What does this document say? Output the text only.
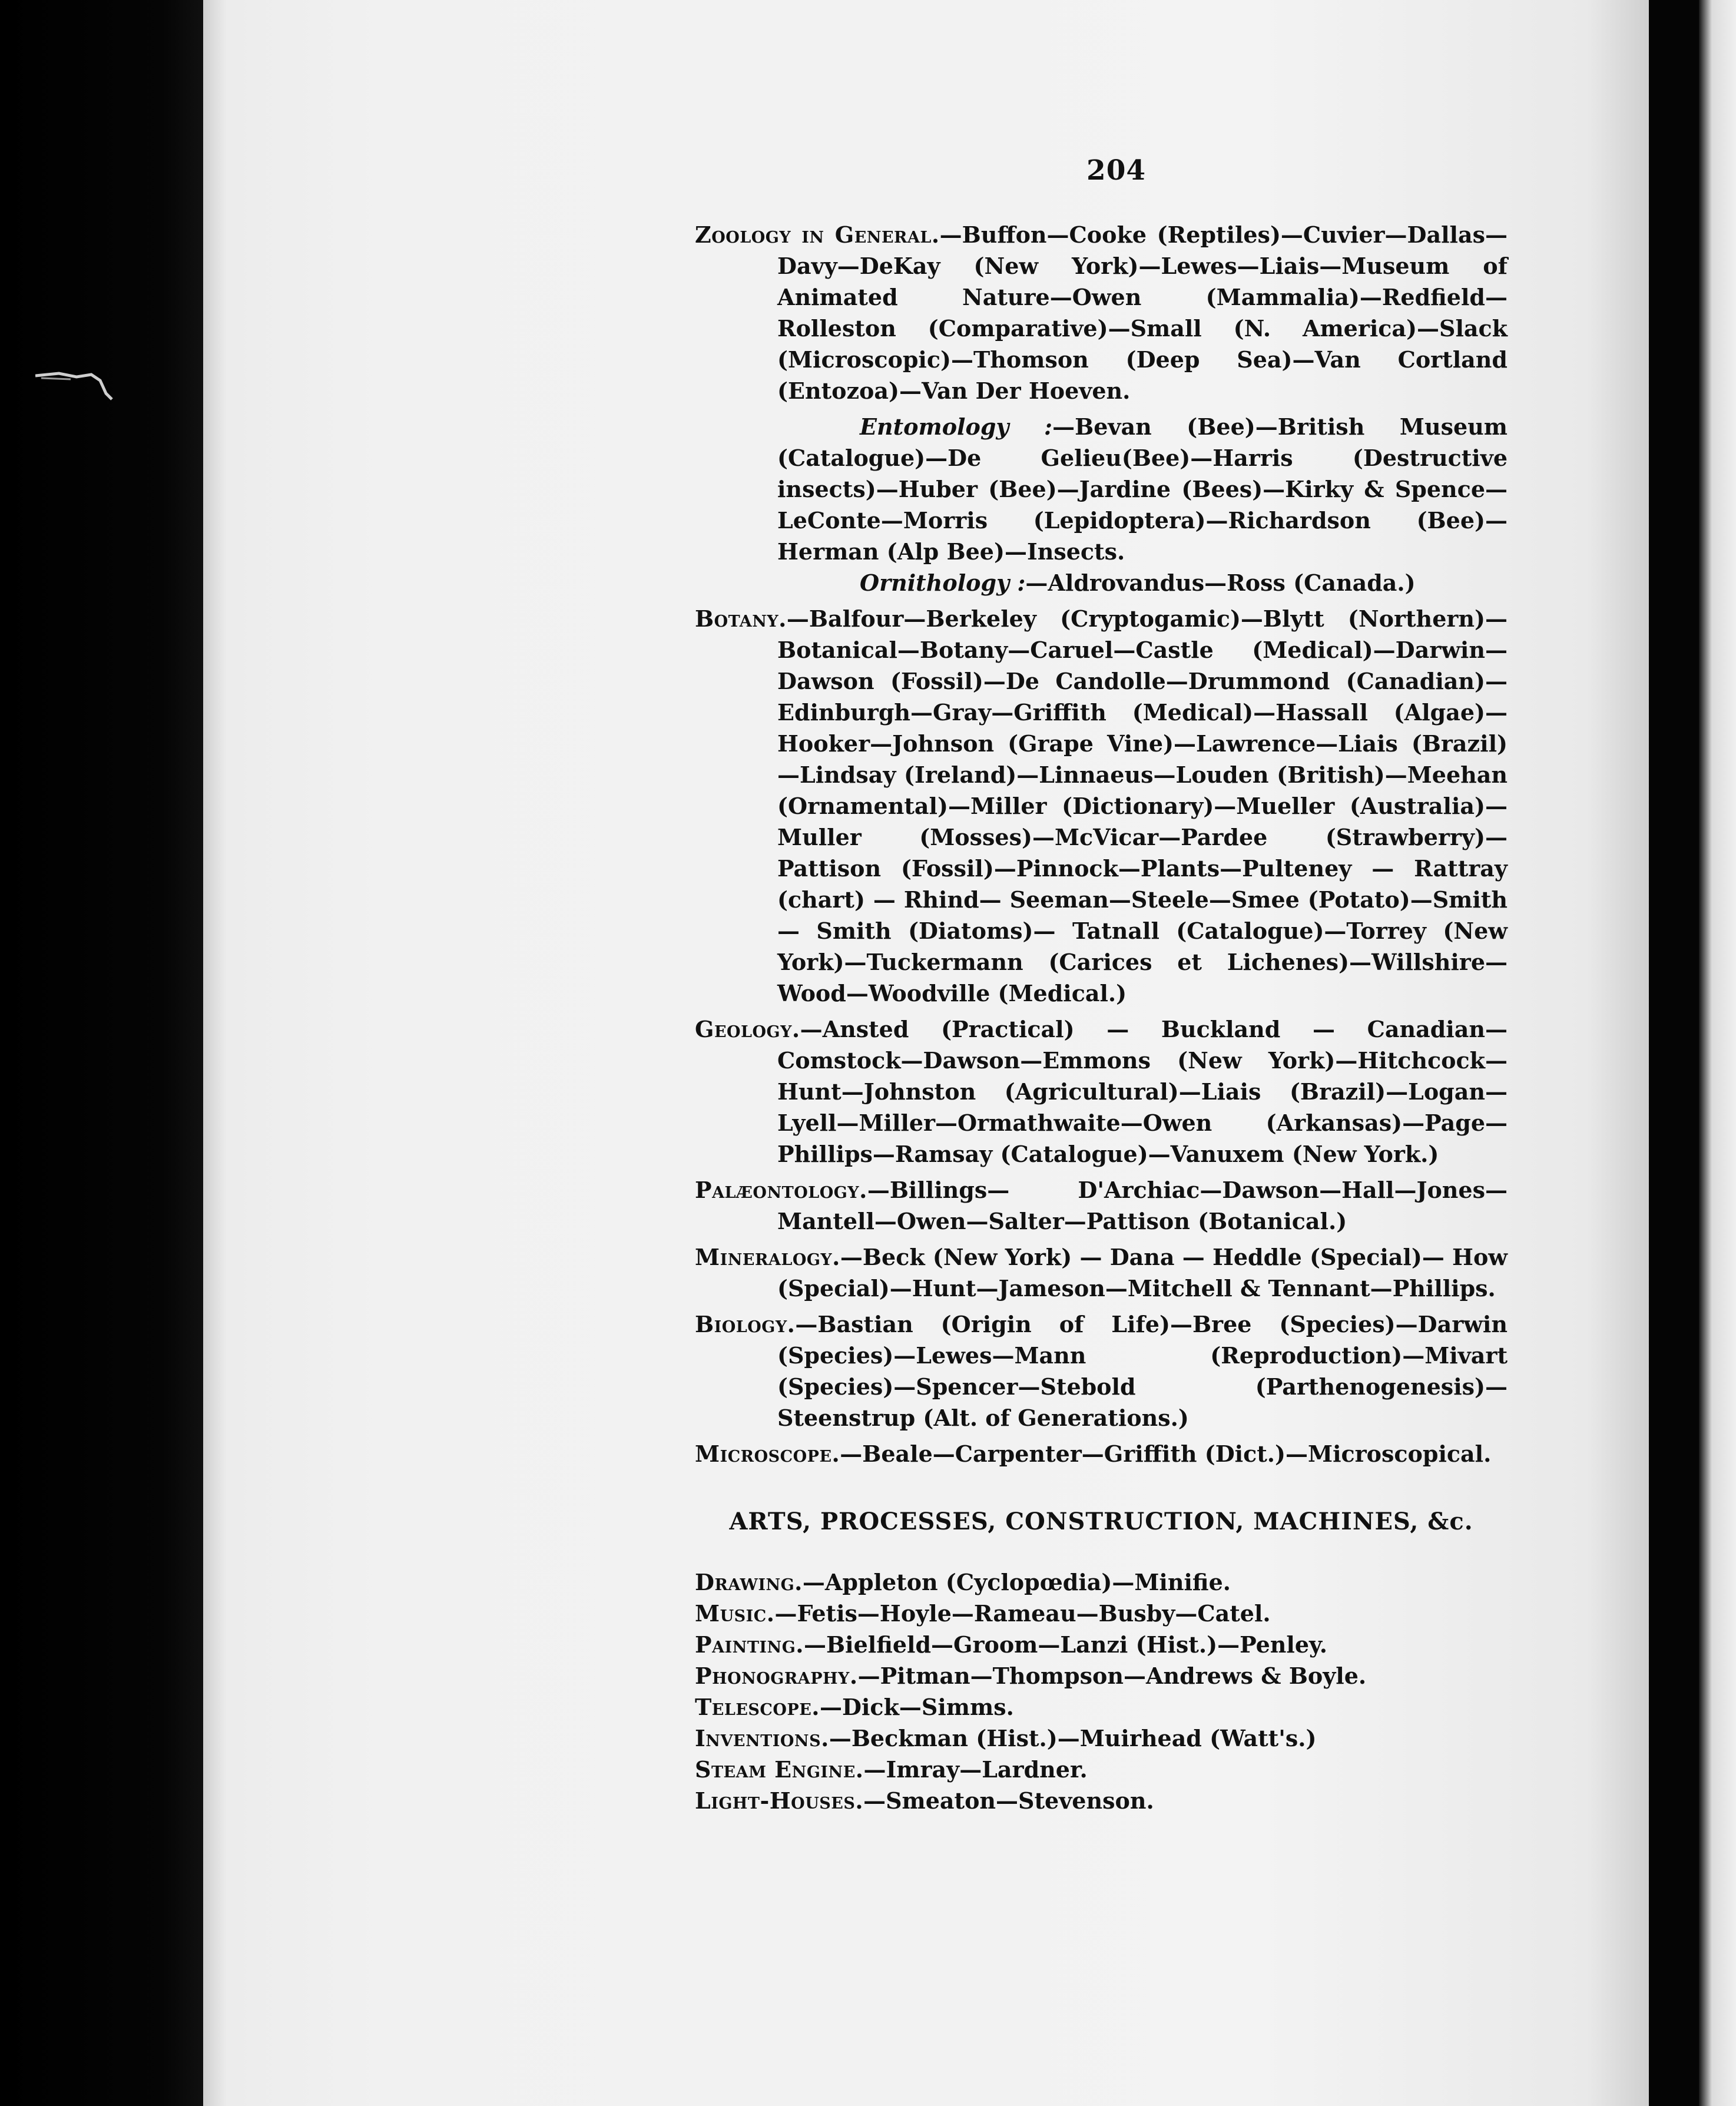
204

Zoology in General.—Buffon—Cooke (Reptiles)—Cuvier—Dallas—Davy—DeKay (New York)—Lewes—Liais—Museum of Animated Nature—Owen (Mammalia)—Redfield—Rolleston (Comparative)—Small (N. America)—Slack (Microscopic)—Thomson (Deep Sea)—Van Cortland (Entozoa)—Van Der Hoeven.

Entomology :—Bevan (Bee)—British Museum (Catalogue)—De Gelieu(Bee)—Harris (Destructive insects)—Huber (Bee)—Jardine (Bees)—Kirky & Spence—LeConte—Morris (Lepidoptera)—Richardson (Bee)—Herman (Alp Bee)—Insects.

Ornithology :—Aldrovandus—Ross (Canada.)

Botany.—Balfour—Berkeley (Cryptogamic)—Blytt (Northern)—Botanical—Botany—Caruel—Castle (Medical)—Darwin—Dawson (Fossil)—De Candolle—Drummond (Canadian)—Edinburgh—Gray—Griffith (Medical)—Hassall (Algae)—Hooker—Johnson (Grape Vine)—Lawrence—Liais (Brazil)—Lindsay (Ireland)—Linnaeus—Louden (British)—Meehan (Ornamental)—Miller (Dictionary)—Mueller (Australia)—Muller (Mosses)—McVicar—Pardee (Strawberry)—Pattison (Fossil)—Pinnock—Plants—Pulteney — Rattray (chart) — Rhind— Seeman—Steele—Smee (Potato)—Smith— Smith (Diatoms)— Tatnall (Catalogue)—Torrey (New York)—Tuckermann (Carices et Lichenes)—Willshire—Wood—Woodville (Medical.)

Geology.—Ansted (Practical) — Buckland — Canadian—Comstock—Dawson—Emmons (New York)—Hitchcock—Hunt—Johnston (Agricultural)—Liais (Brazil)—Logan—Lyell—Miller—Ormathwaite—Owen (Arkansas)—Page—Phillips—Ramsay (Catalogue)—Vanuxem (New York.)

Palæontology.—Billings— D'Archiac—Dawson—Hall—Jones—Mantell—Owen—Salter—Pattison (Botanical.)

Mineralogy.—Beck (New York) — Dana — Heddle (Special)— How (Special)—Hunt—Jameson—Mitchell & Tennant—Phillips.

Biology.—Bastian (Origin of Life)—Bree (Species)—Darwin (Species)—Lewes—Mann (Reproduction)—Mivart (Species)—Spencer—Stebold (Parthenogenesis)—Steenstrup (Alt. of Generations.)

Microscope.—Beale—Carpenter—Griffith (Dict.)—Microscopical.

ARTS, PROCESSES, CONSTRUCTION, MACHINES, &c.

Drawing.—Appleton (Cyclopœdia)—Minifie.

Music.—Fetis—Hoyle—Rameau—Busby—Catel.

Painting.—Bielfield—Groom—Lanzi (Hist.)—Penley.

Phonography.—Pitman—Thompson—Andrews & Boyle.

Telescope.—Dick—Simms.

Inventions.—Beckman (Hist.)—Muirhead (Watt's.)

Steam Engine.—Imray—Lardner.

Light-Houses.—Smeaton—Stevenson.
